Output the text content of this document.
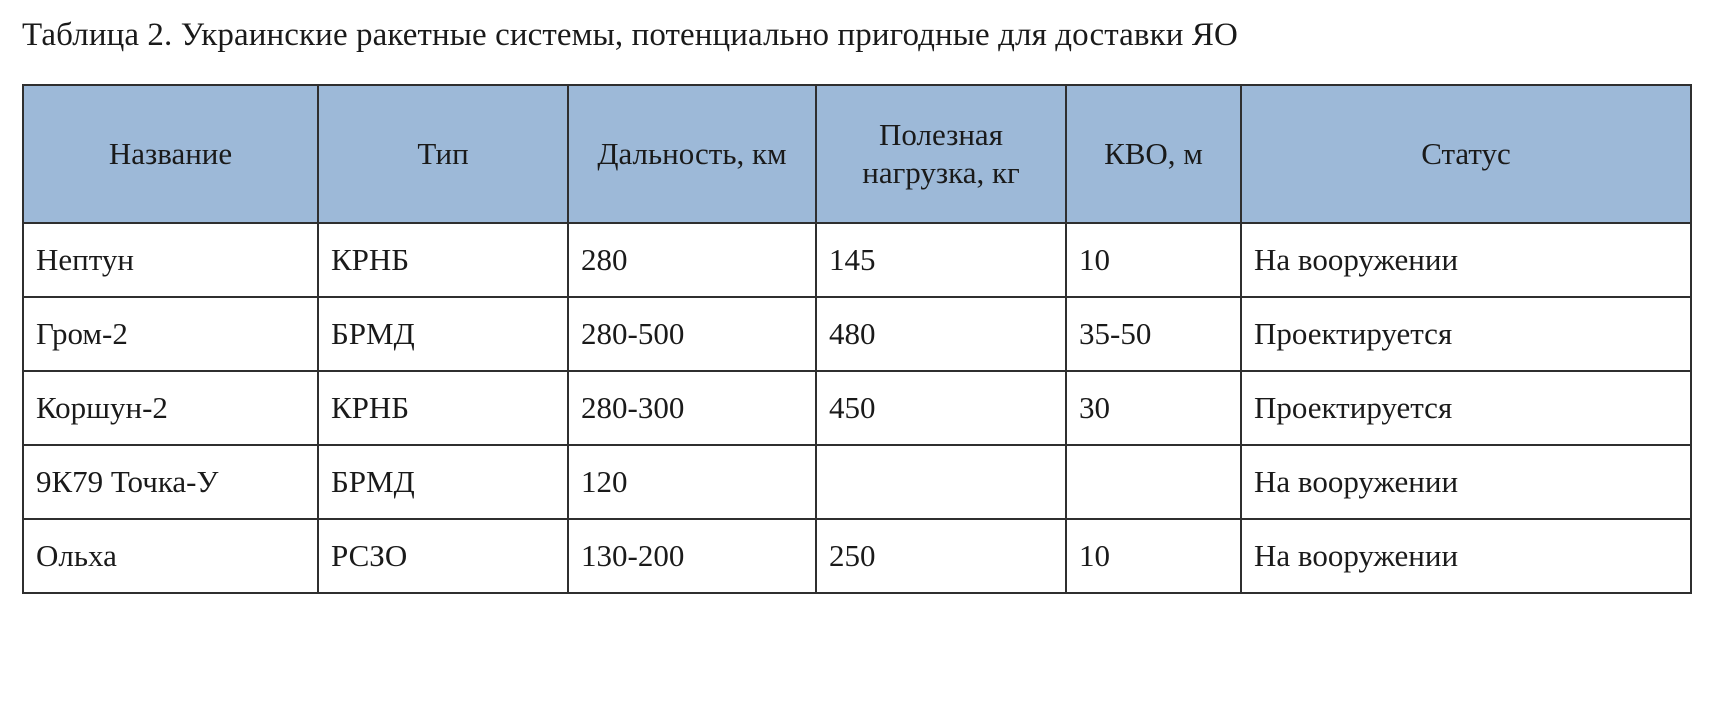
Таблица 2. Украинские ракетные системы, потенциально пригодные для доставки ЯО

Название	Тип	Дальность, км	Полезная нагрузка, кг	КВО, м	Статус
Нептун	КРНБ	280	145	10	На вооружении
Гром-2	БРМД	280-500	480	35-50	Проектируется
Коршун-2	КРНБ	280-300	450	30	Проектируется
9К79 Точка-У	БРМД	120			На вооружении
Ольха	РСЗО	130-200	250	10	На вооружении
